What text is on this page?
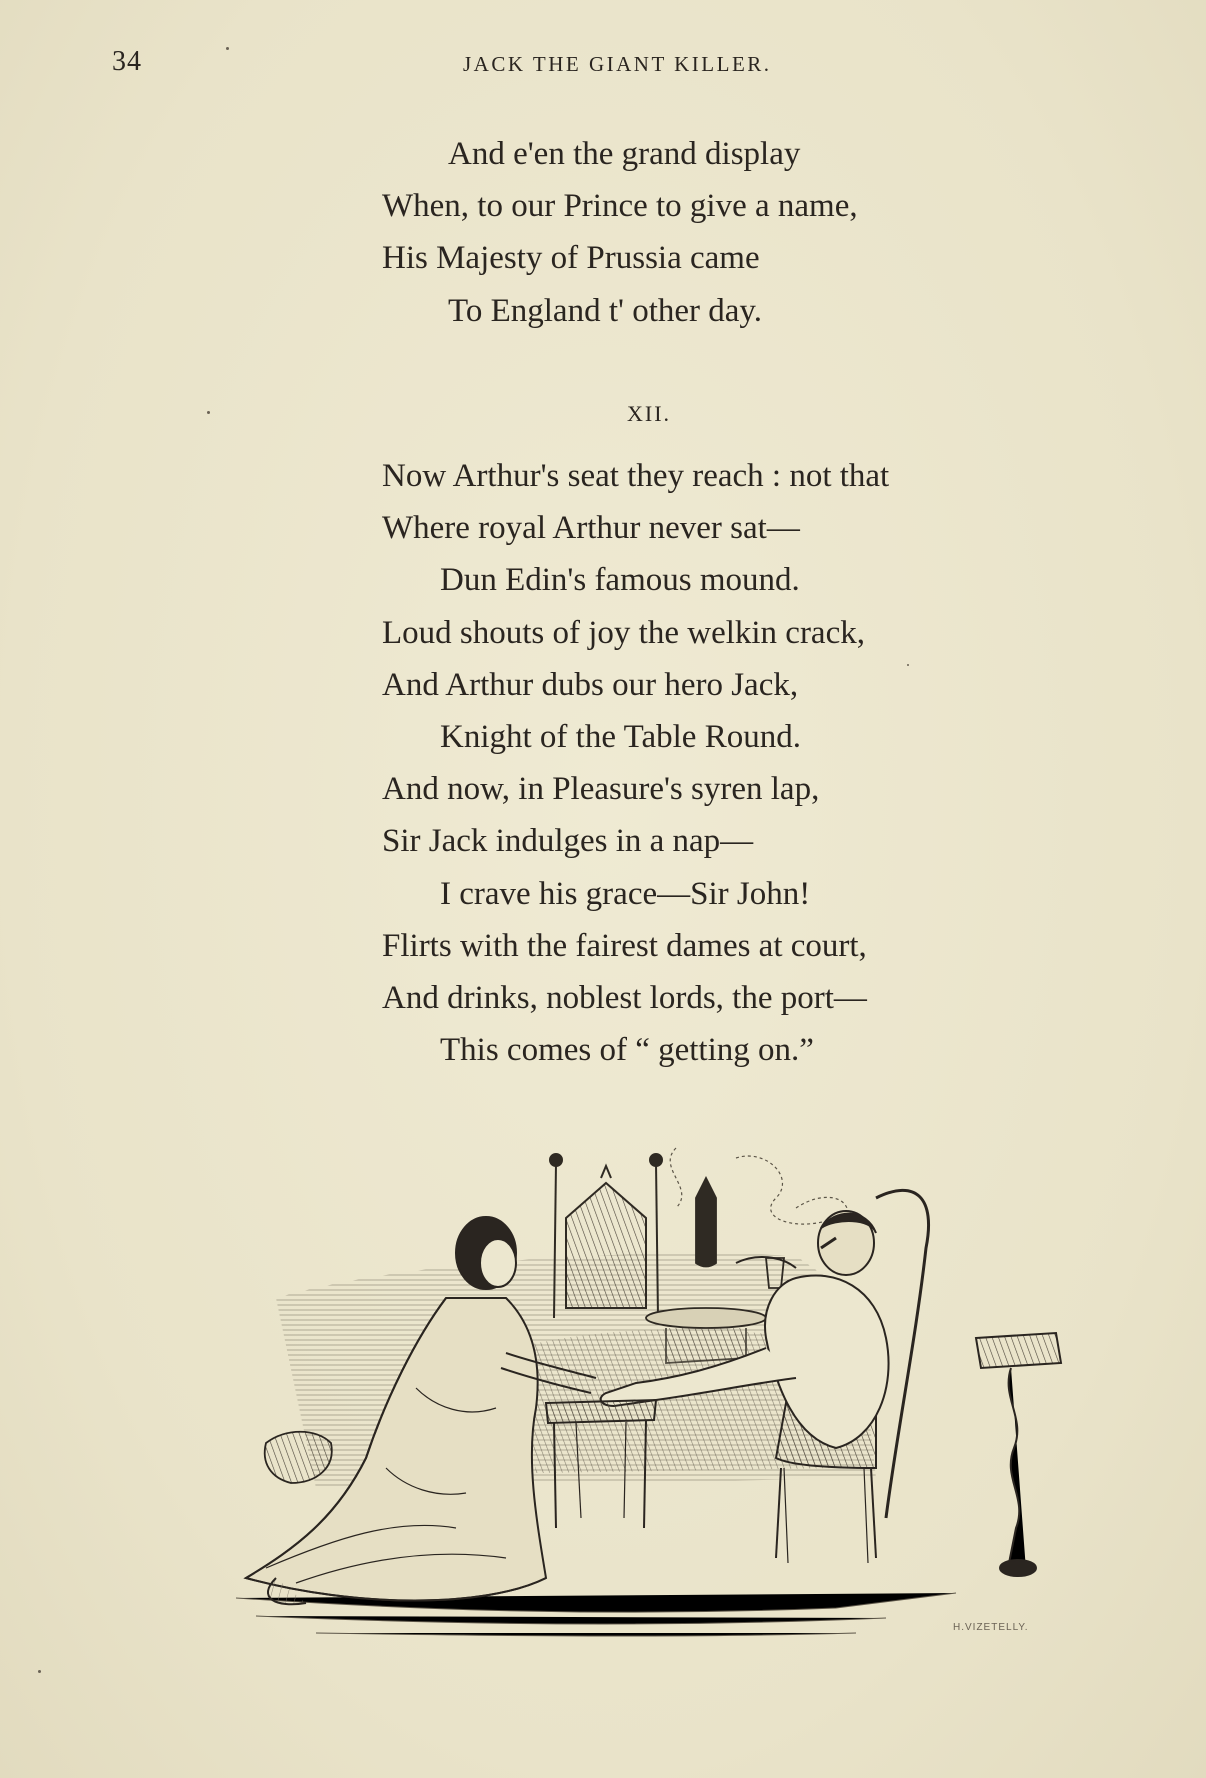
34	JACK THE GIANT KILLER.
And e'en the grand display
When, to our Prince to give a name,
His Majesty of Prussia came
To England t' other day.
XII.
Now Arthur's seat they reach : not that
Where royal Arthur never sat—
Dun Edin's famous mound.
Loud shouts of joy the welkin crack,
And Arthur dubs our hero Jack,
Knight of the Table Round.
And now, in Pleasure's syren lap,
Sir Jack indulges in a nap—
I crave his grace—Sir John!
Flirts with the fairest dames at court,
And drinks, noblest lords, the port—
This comes of “ getting on.”
H.VIZETELLY.
